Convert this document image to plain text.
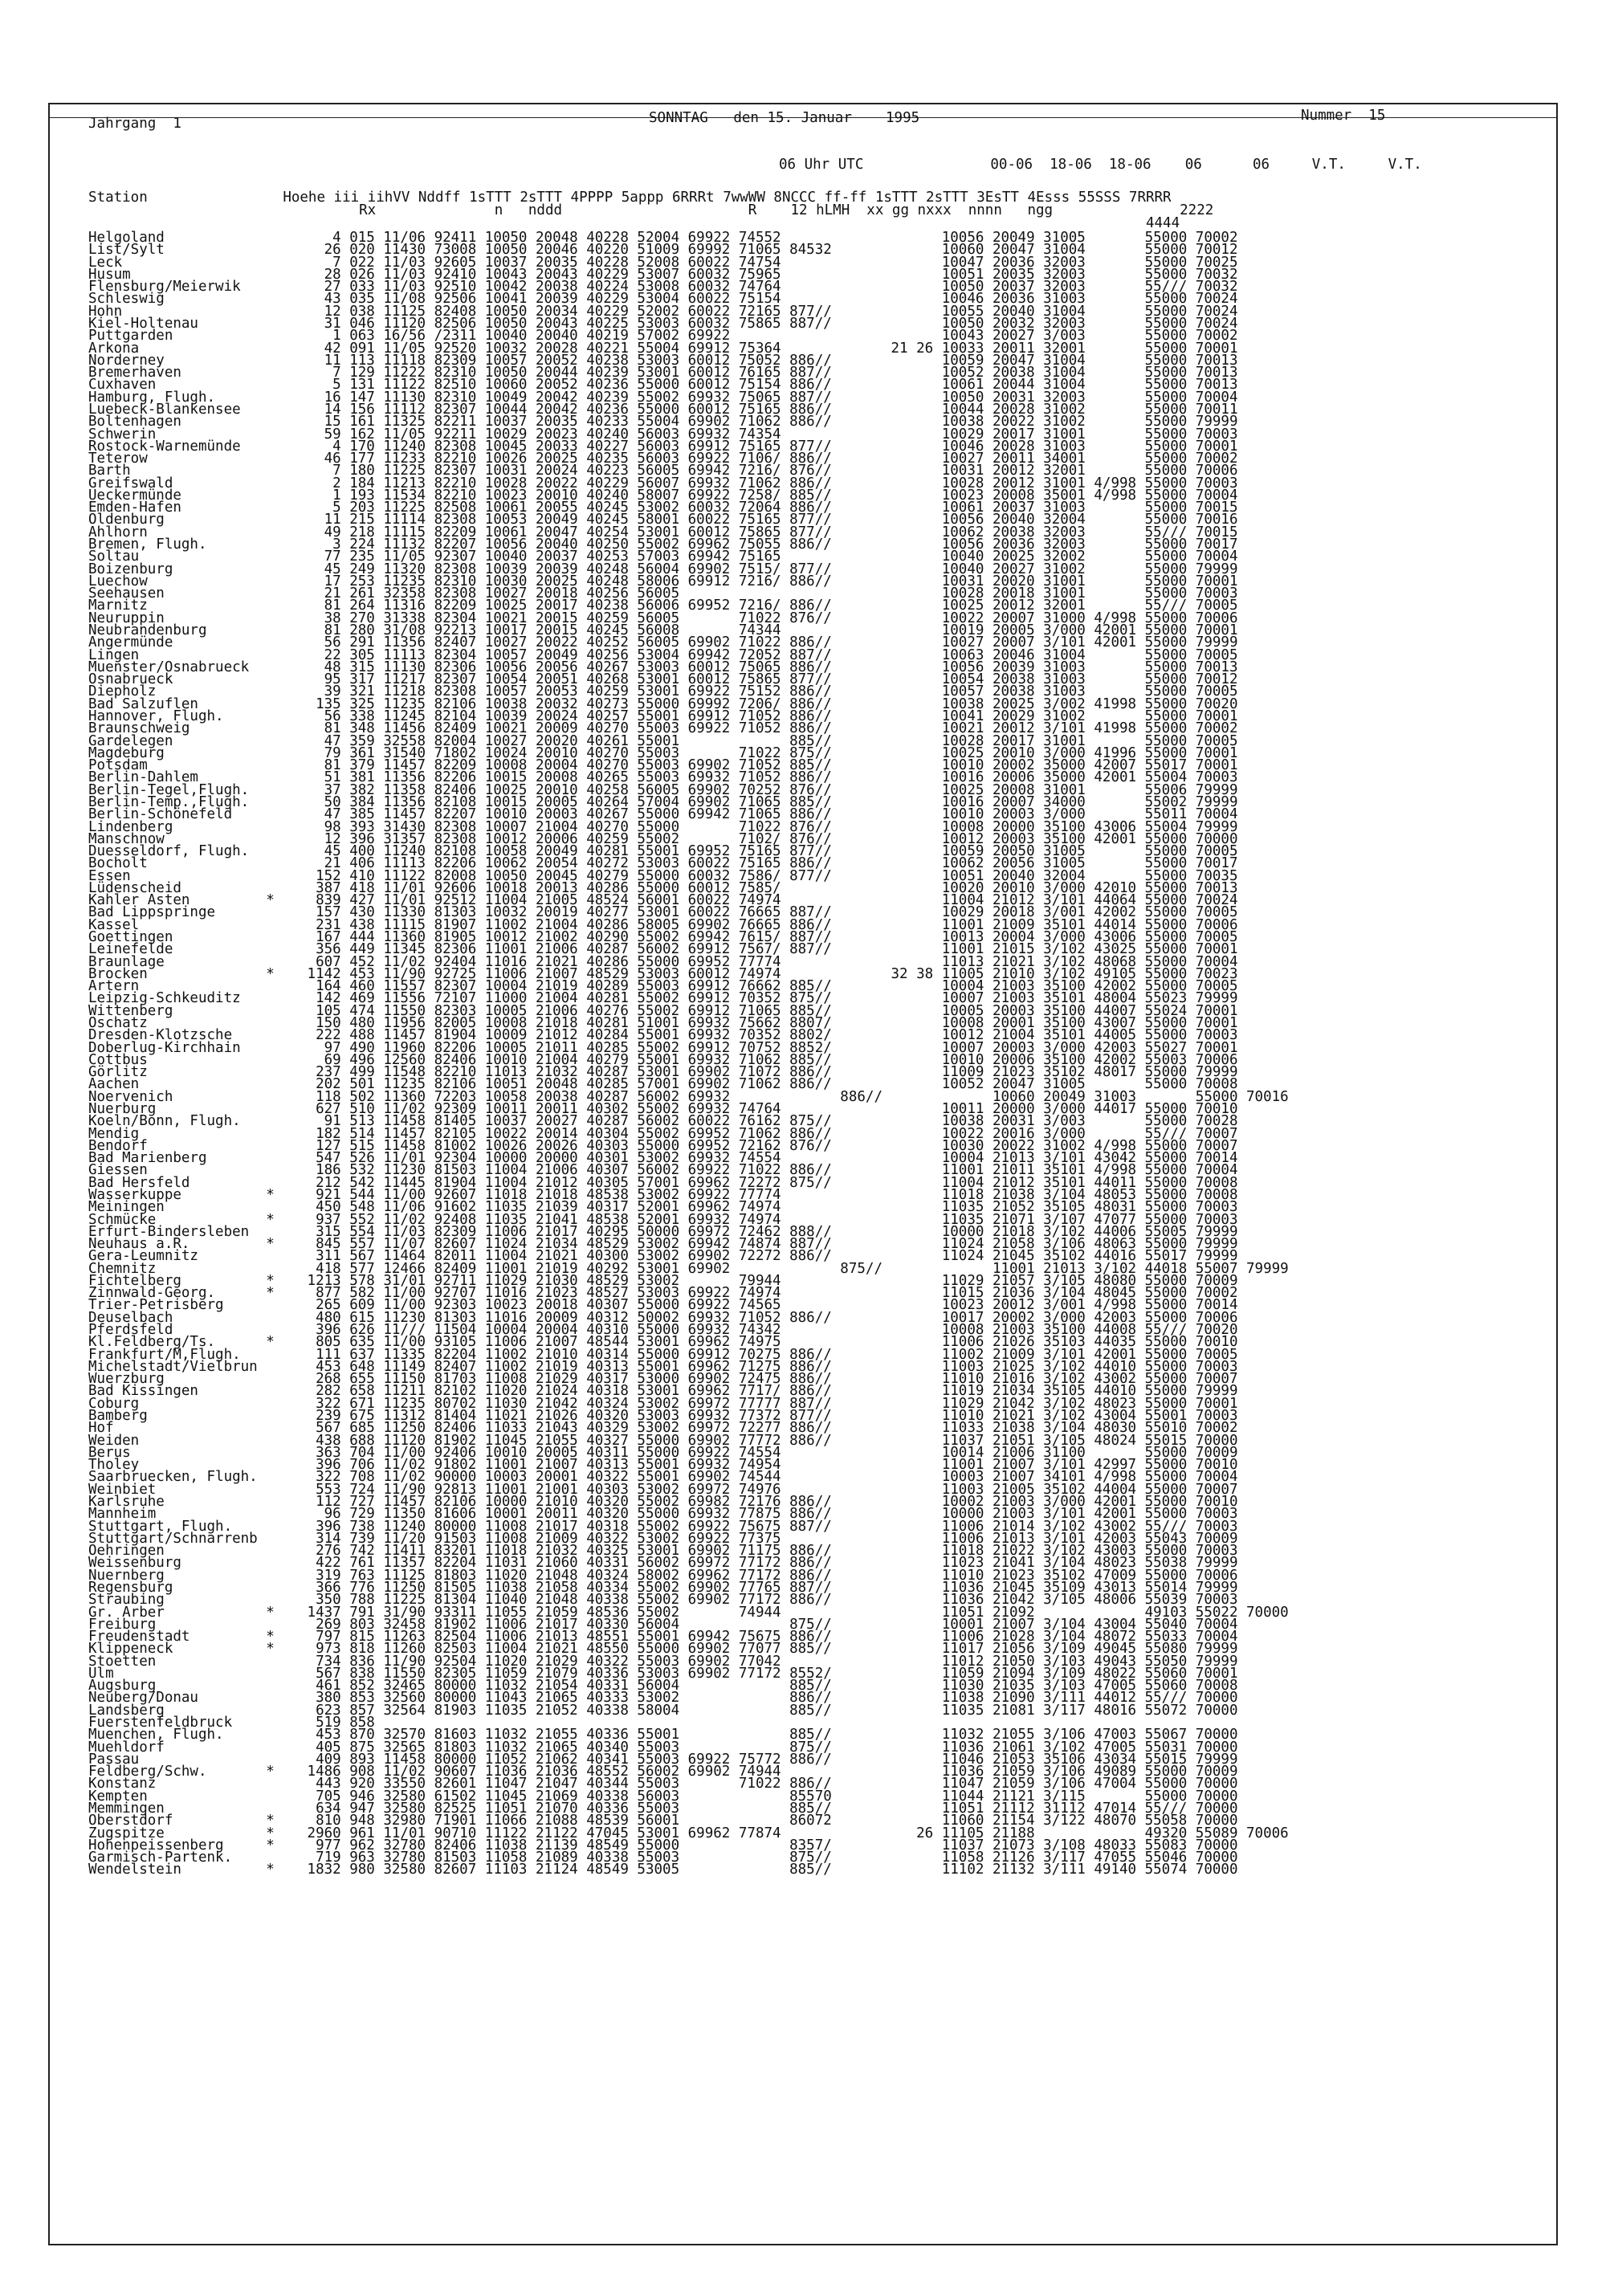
Jahrgang  1	SONNTAG   den 15. Januar    1995	Nummer  15
06 Uhr UTC               00-06  18-06  18-06    06      06     V.T.     V.T.
Station                Hoehe iii iihVV Nddff 1sTTT 2sTTT 4PPPP 5appp 6RRRt 7wwWW 8NCCC ff-ff 1sTTT 2sTTT 3EsTT 4Esss 55SSS 7RRRR
Rx              n   nddd                      R    12 hLMH  xx gg nxxx  nnnn   ngg               2222
4444
Helgoland	4 015 11/06 92411 10050 20048 40228 52004 69922 74552                   10056 20049 31005       55000 70002
List/Sylt	26 020 11430 73008 10050 20046 40220 51009 69992 71065 84532             10060 20047 31004       55000 70012
Leck	7 022 11/03 92605 10037 20035 40228 52008 60022 74754                   10047 20036 32003       55000 70025
Husum	28 026 11/03 92410 10043 20043 40229 53007 60032 75965                   10051 20035 32003       55000 70032
Flensburg/Meierwik	27 033 11/03 92510 10042 20038 40224 53008 60032 74764                   10050 20037 32003       55/// 70032
Schleswig	43 035 11/08 92506 10041 20039 40229 53004 60022 75154                   10046 20036 31003       55000 70024
Hohn	12 038 11125 82408 10050 20034 40229 52002 60022 72165 877//             10055 20040 31004       55000 70024
Kiel-Holtenau	31 046 11120 82506 10050 20043 40225 53003 60032 75865 887//             10050 20032 32003       55000 70024
Puttgarden	1 063 16/56 /2311 10040 20040 40219 57002 69922                         10043 20027 3/003       55000 70002
Arkona	42 091 11/05 92520 10032 20028 40221 55004 69912 75364             21 26 10033 20011 32001       55000 70001
Norderney	11 113 11118 82309 10057 20052 40238 53003 60012 75052 886//             10059 20047 31004       55000 70013
Bremerhaven	7 129 11222 82310 10050 20044 40239 53001 60012 76165 887//             10052 20038 31004       55000 70013
Cuxhaven	5 131 11122 82510 10060 20052 40236 55000 60012 75154 886//             10061 20044 31004       55000 70013
Hamburg, Flugh.	16 147 11130 82310 10049 20042 40239 55002 69932 75065 887//             10050 20031 32003       55000 70004
Luebeck-Blankensee	14 156 11112 82307 10044 20042 40236 55000 60012 75165 886//             10044 20028 31002       55000 70011
Boltenhagen	15 161 11325 82211 10037 20035 40233 55004 69902 71062 886//             10038 20022 31002       55000 79999
Schwerin	59 162 11/05 92211 10029 20023 40240 56003 69932 74354                   10029 20017 31001       55000 70003
Rostock-Warnemünde	4 170 11240 82308 10045 20033 40227 56003 69912 75165 877//             10046 20028 31003       55000 70001
Teterow	46 177 11233 82210 10026 20025 40235 56003 69922 7106/ 886//             10027 20011 34001       55000 70002
Barth	7 180 11225 82307 10031 20024 40223 56005 69942 7216/ 876//             10031 20012 32001       55000 70006
Greifswald	2 184 11213 82210 10028 20022 40229 56007 69932 71062 886//             10028 20012 31001 4/998 55000 70003
Ueckermünde	1 193 11534 82210 10023 20010 40240 58007 69922 7258/ 885//             10023 20008 35001 4/998 55000 70004
Emden-Hafen	5 203 11225 82508 10061 20055 40245 53002 60032 72064 886//             10061 20037 31003       55000 70015
Oldenburg	11 215 11114 82308 10053 20049 40245 58001 60022 75165 877//             10056 20040 32004       55000 70016
Ahlhorn	49 218 11115 82209 10061 20047 40254 53001 60012 75865 877//             10062 20038 32003       55/// 70015
Bremen, Flugh.	3 224 11132 82207 10056 20040 40250 55002 69962 75055 886//             10056 20036 32003       55000 70017
Soltau	77 235 11/05 92307 10040 20037 40253 57003 69942 75165                   10040 20025 32002       55000 70004
Boizenburg	45 249 11320 82308 10039 20039 40248 56004 69902 7515/ 877//             10040 20027 31002       55000 79999
Luechow	17 253 11235 82310 10030 20025 40248 58006 69912 7216/ 886//             10031 20020 31001       55000 70001
Seehausen	21 261 32358 82308 10027 20018 40256 56005                               10028 20018 31001       55000 70003
Marnitz	81 264 11316 82209 10025 20017 40238 56006 69952 7216/ 886//             10025 20012 32001       55/// 70005
Neuruppin	38 270 31338 82304 10021 20015 40259 56005       71022 876//             10022 20007 31000 4/998 55000 70006
Neubrandenburg	81 280 31/08 92213 10017 20015 40245 56008       74344                   10019 20005 3/000 42001 55000 70001
Angermünde	56 291 11356 82407 10027 20022 40252 56005 69902 71022 886//             10027 20007 3/101 42001 55000 79999
Lingen	22 305 11113 82304 10057 20049 40256 53004 69942 72052 887//             10063 20046 31004       55000 70005
Muenster/Osnabrueck	48 315 11130 82306 10056 20056 40267 53003 60012 75065 886//             10056 20039 31003       55000 70013
Osnabrueck	95 317 11217 82307 10054 20051 40268 53001 60012 75865 877//             10054 20038 31003       55000 70012
Diepholz	39 321 11218 82308 10057 20053 40259 53001 69922 75152 886//             10057 20038 31003       55000 70005
Bad Salzuflen	135 325 11235 82106 10038 20032 40273 55000 69992 7206/ 886//             10038 20025 3/002 41998 55000 70020
Hannover, Flugh.	56 338 11245 82104 10039 20024 40257 55001 69912 71052 886//             10041 20029 31002       55000 70001
Braunschweig	81 348 11456 82409 10021 20009 40270 55003 69922 71052 886//             10021 20012 3/101 41998 55000 70002
Gardelegen	47 359 32558 82004 10027 20020 40261 55001             885//             10028 20017 31001       55000 70005
Magdeburg	79 361 31540 71802 10024 20010 40270 55003       71022 875//             10025 20010 3/000 41996 55000 70001
Potsdam	81 379 11457 82209 10008 20004 40270 55003 69902 71052 885//             10010 20002 35000 42007 55017 70001
Berlin-Dahlem	51 381 11356 82206 10015 20008 40265 55003 69932 71052 886//             10016 20006 35000 42001 55004 70003
Berlin-Tegel,Flugh.	37 382 11358 82406 10025 20010 40258 56005 69902 70252 876//             10025 20008 31001       55006 79999
Berlin-Temp.,Flugh.	50 384 11356 82108 10015 20005 40264 57004 69902 71065 885//             10016 20007 34000       55002 79999
Berlin-Schönefeld	47 385 11457 82207 10010 20003 40267 55000 69942 71065 886//             10010 20003 3/000       55011 70004
Lindenberg	98 393 31430 82308 10007 21004 40270 55000       71022 876//             10008 20000 35100 43006 55004 79999
Manschnow	12 396 31357 82308 10012 20006 40259 55002       7102/ 876//             10012 20003 35100 42001 55000 70000
Duesseldorf, Flugh.	45 400 11240 82108 10058 20049 40281 55001 69952 75165 877//             10059 20050 31005       55000 70005
Bocholt	21 406 11113 82206 10062 20054 40272 53003 60022 75165 886//             10062 20056 31005       55000 70017
Essen	152 410 11122 82008 10050 20045 40279 55000 60032 7586/ 877//             10051 20040 32004       55000 70035
Lüdenscheid	387 418 11/01 92606 10018 20013 40286 55000 60012 7585/                   10020 20010 3/000 42010 55000 70013
Kahler Asten         * 839 427 11/01 92512 11004 21005 48524 56001 60022 74974                   11004 21012 3/101 44064 55000 70024
Bad Lippspringe	157 430 11330 81303 10032 20019 40277 53001 60022 76665 887//             10029 20018 3/001 42002 55000 70005
Kassel	231 438 11115 81907 11002 21004 40286 58005 69902 76665 886//             11001 21009 35101 44014 55000 70006
Goettingen	167 444 11360 81905 10012 21002 40290 55002 69942 7615/ 887//             10013 20004 3/000 43006 55000 70005
Leinefelde	356 449 11345 82306 11001 21006 40287 56002 69912 7567/ 887//             11001 21015 3/102 43025 55000 70001
Braunlage	607 452 11/02 92404 11016 21021 40286 55000 69952 77774                   11013 21021 3/102 48068 55000 70004
Brocken              * 1142 453 11/90 92725 11006 21007 48529 53003 60012 74974             32 38 11005 21010 3/102 49105 55000 70023
Artern	164 460 11557 82307 10004 21019 40289 55003 69912 76662 885//             10004 21003 35100 42002 55000 70005
Leipzig-Schkeuditz	142 469 11556 72107 11000 21004 40281 55002 69912 70352 875//             10007 21003 35101 48004 55023 79999
Wittenberg	105 474 11550 82303 10005 21006 40276 55002 69912 71065 885//             10005 20003 35100 44007 55024 70001
Oschatz	150 480 11956 82005 10008 21018 40281 51001 69932 75662 8807/             10008 20001 35100 43007 55000 70001
Dresden-Klotzsche	222 488 11457 81904 10009 21012 40284 55001 69932 70352 8802/             10012 21004 35101 44005 55000 70003
Doberlug-Kirchhain	97 490 11960 82206 10005 21011 40285 55002 69912 70752 8852/             10007 20003 3/000 42003 55027 70001
Cottbus	69 496 12560 82406 10010 21004 40279 55001 69932 71062 885//             10010 20006 35100 42002 55003 70006
Görlitz	237 499 11548 82210 11013 21032 40287 53001 69902 71072 886//             11009 21023 35102 48017 55000 79999
Aachen	202 501 11235 82106 10051 20048 40285 57001 69902 71062 886//             10052 20047 31005       55000 70008
Noervenich	118 502 11360 72203 10058 20038 40287 56002 69932             886//             10060 20049 31003       55000 70016
Nuerburg	627 510 11/02 92309 10011 20011 40302 55002 69932 74764                   10011 20000 3/000 44017 55000 70010
Koeln/Bonn, Flugh.	91 513 11458 81405 10037 20027 40287 56002 60022 76162 875//             10038 20031 3/003       55000 70028
Mendig	182 514 11457 82105 10022 20014 40304 55002 69952 71062 886//             10022 20016 3/000       55/// 70007
Bendorf	127 515 11458 81002 10026 20026 40303 55000 69952 72162 876//             10030 20022 31002 4/998 55000 70007
Bad Marienberg	547 526 11/01 92304 10000 20000 40301 53002 69932 74554                   10004 21013 3/101 43042 55000 70014
Giessen	186 532 11230 81503 11004 21006 40307 56002 69922 71022 886//             11001 21011 35101 4/998 55000 70004
Bad Hersfeld	212 542 11445 81904 11004 21012 40305 57001 69962 72272 875//             11004 21012 35101 44011 55000 70008
Wasserkuppe          * 921 544 11/00 92607 11018 21018 48538 53002 69922 77774                   11018 21038 3/104 48053 55000 70008
Meiningen	450 548 11/06 91602 11035 21039 40317 52001 69962 74974                   11035 21052 35105 48031 55000 70003
Schmücke             * 937 552 11/02 92408 11035 21041 48538 52001 69932 74974                   11035 21071 3/107 47077 55000 70003
Erfurt-Bindersleben	315 554 11/03 82309 11006 21017 40295 50000 69972 72462 888//             10000 21018 3/102 44006 55005 79999
Neuhaus a.R.         * 845 557 11/07 82607 11024 21034 48529 53002 69942 74874 887//             11024 21058 3/106 48063 55000 79999
Gera-Leumnitz	311 567 11464 82011 11004 21021 40300 53002 69902 72272 886//             11024 21045 35102 44016 55017 79999
Chemnitz	418 577 12466 82409 11001 21019 40292 53001 69902             875//             11001 21013 3/102 44018 55007 79999
Fichtelberg          * 1213 578 31/01 92711 11029 21030 48529 53002       79944                   11029 21057 3/105 48080 55000 70009
Zinnwald-Georg.      * 877 582 11/00 92707 11016 21023 48527 53003 69922 74974                   11015 21036 3/104 48045 55000 70002
Trier-Petrisberg	265 609 11/00 92303 10023 20018 40307 55000 69922 74565                   10023 20012 3/001 4/998 55000 70014
Deuselbach	480 615 11230 81303 11016 20009 40312 50002 69932 71052 886//             10017 20002 3/000 42003 55000 70006
Pferdsfeld	396 626 11/// 11504 10004 20004 40310 55000 69932 74342                   10008 21003 35100 44008 55/// 70020
Kl.Feldberg/Ts.      * 805 635 11/00 93105 11006 21007 48544 53001 69962 74975                   11006 21026 35103 44035 55000 70010
Frankfurt/M,Flugh.	111 637 11335 82204 11002 21010 40314 55000 69912 70275 886//             11002 21009 3/101 42001 55000 70005
Michelstadt/Vielbrun	453 648 11149 82407 11002 21019 40313 55001 69962 71275 886//             11003 21025 3/102 44010 55000 70003
Wuerzburg	268 655 11150 81703 11008 21029 40317 53000 69902 72475 886//             11010 21016 3/102 43002 55000 70007
Bad Kissingen	282 658 11211 82102 11020 21024 40318 53001 69962 7717/ 886//             11019 21034 35105 44010 55000 79999
Coburg	322 671 11235 80702 11030 21042 40324 53002 69972 77777 887//             11029 21042 3/102 48023 55000 70001
Bamberg	239 675 11312 81404 11021 21026 40320 53003 69932 77372 877//             11010 21021 3/102 43004 55001 70003
Hof	567 685 11250 82406 11033 21043 40329 53002 69972 72277 886//             11033 21038 3/104 48030 55010 70002
Weiden	438 688 11120 81902 11045 21055 40327 55000 69902 77772 886//             11037 21051 3/105 48024 55015 70000
Berus	363 704 11/00 92406 10010 20005 40311 55000 69922 74554                   10014 21006 31100       55000 70009
Tholey	396 706 11/02 91802 11001 21007 40313 55001 69932 74954                   11001 21007 3/101 42997 55000 70010
Saarbruecken, Flugh.	322 708 11/02 90000 10003 20001 40322 55001 69902 74544                   10003 21007 34101 4/998 55000 70004
Weinbiet	553 724 11/90 92813 11001 21001 40303 53002 69972 74976                   11003 21005 35102 44004 55000 70007
Karlsruhe	112 727 11457 82106 10000 21010 40320 55002 69982 72176 886//             10002 21003 3/000 42001 55000 70010
Mannheim	96 729 11350 81606 10001 20011 40320 55000 69932 77875 886//             10000 21003 3/101 42001 55000 70003
Stuttgart, Flugh.	396 738 11240 80000 11008 21017 40318 55002 69922 75675 887//             11006 21014 3/102 43002 55/// 70003
Stuttgart/Schnarrenb	314 739 11/20 91503 11008 21009 40322 53002 69922 77375                   11006 21013 3/101 42003 55043 70009
Oehringen	276 742 11411 83201 11018 21032 40325 53001 69902 71175 886//             11018 21022 3/102 43003 55000 70003
Weissenburg	422 761 11357 82204 11031 21060 40331 56002 69972 77172 886//             11023 21041 3/104 48023 55038 79999
Nuernberg	319 763 11125 81803 11020 21048 40324 58002 69962 77172 886//             11010 21023 35102 47009 55000 70006
Regensburg	366 776 11250 81505 11038 21058 40334 55002 69902 77765 887//             11036 21045 35109 43013 55014 79999
Straubing	350 788 11225 81304 11040 21048 40338 55002 69902 77172 886//             11036 21042 3/105 48006 55039 70003
Gr. Arber            * 1437 791 31/90 93311 11055 21059 48536 55002       74944                   11051 21092             49103 55022 70000
Freiburg	269 803 32458 81902 11006 21017 40330 56004             875//             10001 21007 3/104 43004 55040 70004
Freudenstadt         * 797 815 11263 82504 11006 21013 48551 55001 69942 75675 886//             11006 21028 3/104 48072 55033 70004
Klippeneck           * 973 818 11260 82503 11004 21021 48550 55000 69902 77077 885//             11017 21056 3/109 49045 55080 79999
Stoetten	734 836 11/90 92504 11020 21029 40322 55003 69902 77042                   11012 21050 3/103 49043 55050 79999
Ulm	567 838 11550 82305 11059 21079 40336 53003 69902 77172 8552/             11059 21094 3/109 48022 55060 70001
Augsburg	461 852 32465 80000 11032 21054 40331 56004             885//             11030 21035 3/103 47005 55060 70008
Neuberg/Donau	380 853 32560 80000 11043 21065 40333 53002             886//             11038 21090 3/111 44012 55/// 70000
Landsberg	623 857 32564 81903 11035 21052 40338 58004             885//             11035 21081 3/117 48016 55072 70000
Fuerstenfeldbruck	519 858
Muenchen, Flugh.	453 870 32570 81603 11032 21055 40336 55001             885//             11032 21055 3/106 47003 55067 70000
Muehldorf	405 875 32565 81803 11032 21065 40340 55003             875//             11036 21061 3/102 47005 55031 70000
Passau	409 893 11458 80000 11052 21062 40341 55003 69922 75772 886//             11046 21053 35106 43034 55015 79999
Feldberg/Schw.       * 1486 908 11/02 90607 11036 21036 48552 56002 69902 74944                   11036 21059 3/106 49089 55000 70009
Konstanz	443 920 33550 82601 11047 21047 40344 55003       71022 886//             11047 21059 3/106 47004 55000 70000
Kempten	705 946 32580 61502 11045 21069 40338 56003             85570             11044 21121 3/115       55000 70000
Memmingen	634 947 32580 82525 11051 21070 40336 55003             885//             11051 21112 31112 47014 55/// 70000
Oberstdorf           * 810 948 32980 71901 11066 21088 48539 56001             86072             11060 21154 3/122 48070 55058 70000
Zugspitze            * 2960 961 11/01 90710 11122 21122 47045 53001 69962 77874                26 11105 21188             49320 55089 70006
Hohenpeissenberg     * 977 962 32780 82406 11038 21139 48549 55000             8357/             11037 21073 3/108 48033 55083 70000
Garmisch-Partenk.	719 963 32780 81503 11058 21089 40338 55003             875//             11058 21126 3/117 47055 55046 70000
Wendelstein          * 1832 980 32580 82607 11103 21124 48549 53005             885//             11102 21132 3/111 49140 55074 70000
